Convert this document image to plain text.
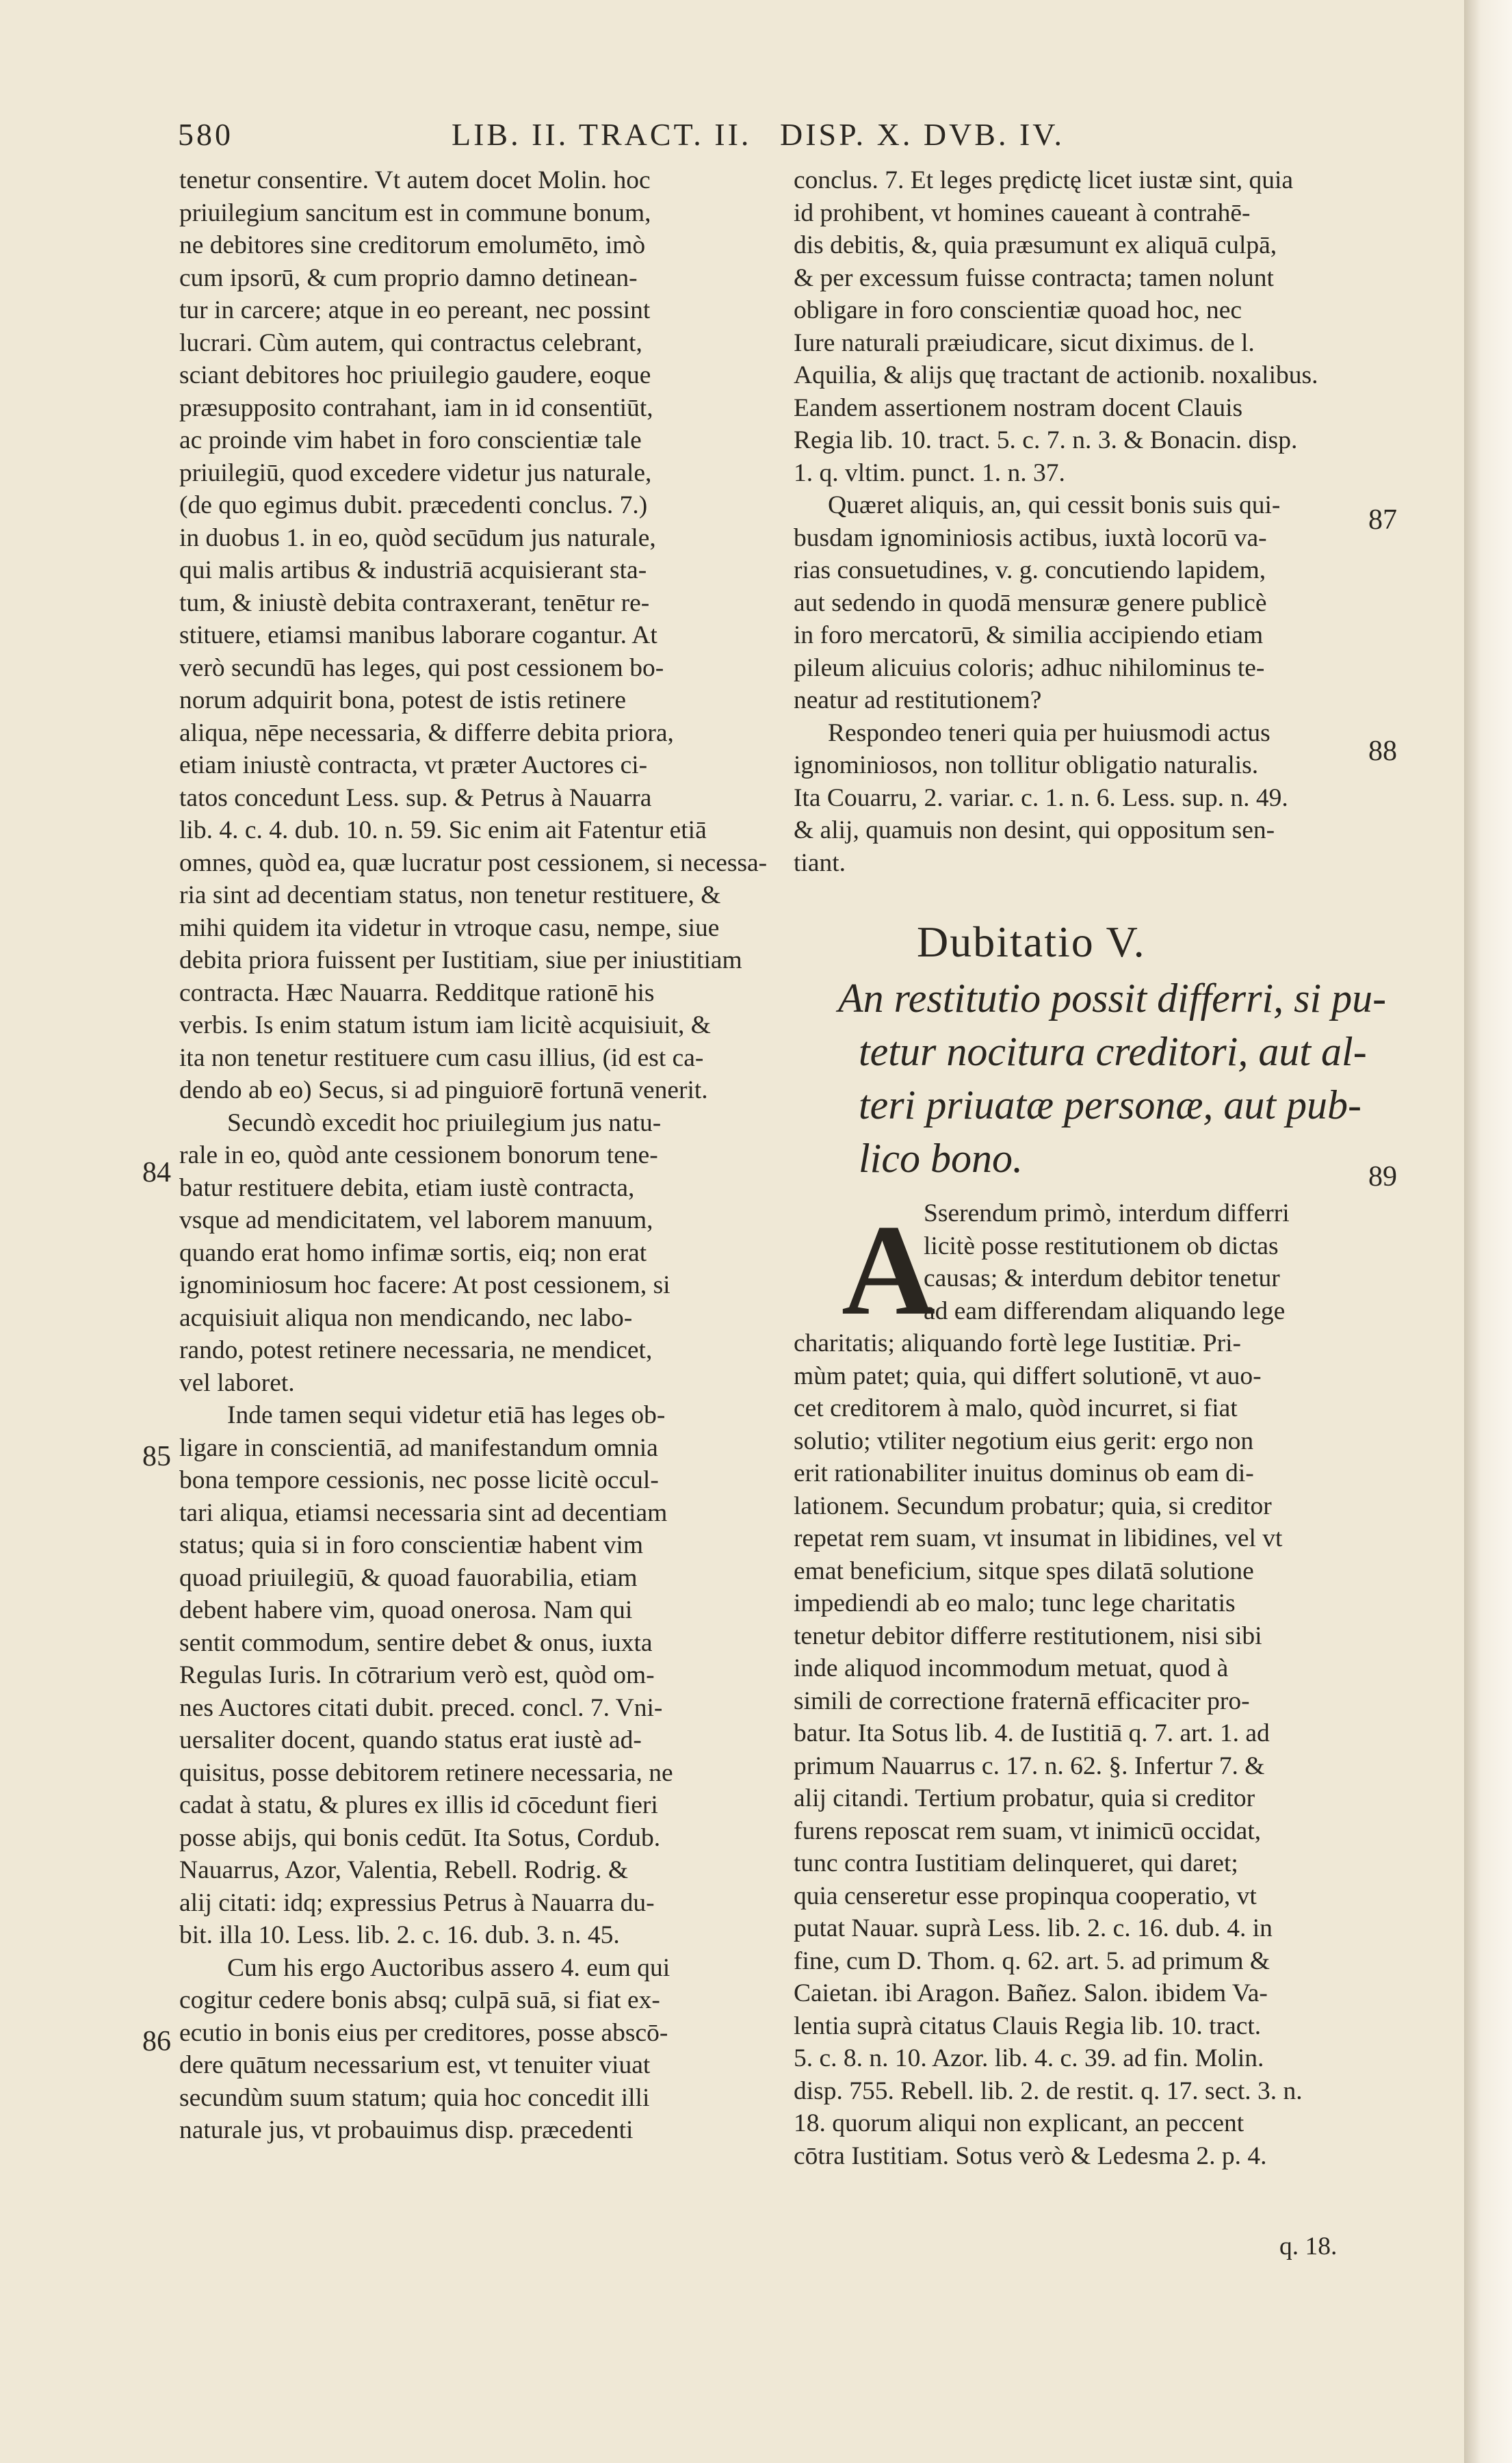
580	LIB. II. TRACT. II. DISP. X. DVB. IV.

tenetur consentire. Vt autem docet Molin. hoc

priuilegium sancitum est in commune bonum,

ne debitores sine creditorum emolumēto, imò

cum ipsorū, & cum proprio damno detinean-

tur in carcere; atque in eo pereant, nec possint

lucrari. Cùm autem, qui contractus celebrant,

sciant debitores hoc priuilegio gaudere, eoque

præsupposito contrahant, iam in id consentiūt,

ac proinde vim habet in foro conscientiæ tale

priuilegiū, quod excedere videtur jus naturale,

(de quo egimus dubit. præcedenti conclus. 7.)

in duobus 1. in eo, quòd secūdum jus naturale,

qui malis artibus & industriā acquisierant sta-

tum, & iniustè debita contraxerant, tenētur re-

stituere, etiamsi manibus laborare cogantur. At

verò secundū has leges, qui post cessionem bo-

norum adquirit bona, potest de istis retinere

aliqua, nēpe necessaria, & differre debita priora,

etiam iniustè contracta, vt præter Auctores ci-

tatos concedunt Less. sup. & Petrus à Nauarra

lib. 4. c. 4. dub. 10. n. 59. Sic enim ait Fatentur etiā

omnes, quòd ea, quæ lucratur post cessionem, si necessa-

ria sint ad decentiam status, non tenetur restituere, &

mihi quidem ita videtur in vtroque casu, nempe, siue

debita priora fuissent per Iustitiam, siue per iniustitiam

contracta. Hæc Nauarra. Redditque rationē his

verbis. Is enim statum istum iam licitè acquisiuit, &

ita non tenetur restituere cum casu illius, (id est ca-

dendo ab eo) Secus, si ad pinguiorē fortunā venerit.

Secundò excedit hoc priuilegium jus natu-

rale in eo, quòd ante cessionem bonorum tene-

batur restituere debita, etiam iustè contracta,

vsque ad mendicitatem, vel laborem manuum,

quando erat homo infimæ sortis, eiq; non erat

ignominiosum hoc facere: At post cessionem, si

acquisiuit aliqua non mendicando, nec labo-

rando, potest retinere necessaria, ne mendicet,

vel laboret.

Inde tamen sequi videtur etiā has leges ob-

ligare in conscientiā, ad manifestandum omnia

bona tempore cessionis, nec posse licitè occul-

tari aliqua, etiamsi necessaria sint ad decentiam

status; quia si in foro conscientiæ habent vim

quoad priuilegiū, & quoad fauorabilia, etiam

debent habere vim, quoad onerosa. Nam qui

sentit commodum, sentire debet & onus, iuxta

Regulas Iuris. In cōtrarium verò est, quòd om-

nes Auctores citati dubit. preced. concl. 7. Vni-

uersaliter docent, quando status erat iustè ad-

quisitus, posse debitorem retinere necessaria, ne

cadat à statu, & plures ex illis id cōcedunt fieri

posse abijs, qui bonis cedūt. Ita Sotus, Cordub.

Nauarrus, Azor, Valentia, Rebell. Rodrig. &

alij citati: idq; expressius Petrus à Nauarra du-

bit. illa 10. Less. lib. 2. c. 16. dub. 3. n. 45.

Cum his ergo Auctoribus assero 4. eum qui

cogitur cedere bonis absq; culpā suā, si fiat ex-

ecutio in bonis eius per creditores, posse abscō-

dere quātum necessarium est, vt tenuiter viuat

secundùm suum statum; quia hoc concedit illi

naturale jus, vt probauimus disp. præcedenti

conclus. 7. Et leges prędictę licet iustæ sint, quia

id prohibent, vt homines caueant à contrahē-

dis debitis, &, quia præsumunt ex aliquā culpā,

& per excessum fuisse contracta; tamen nolunt

obligare in foro conscientiæ quoad hoc, nec

Iure naturali præiudicare, sicut diximus. de l.

Aquilia, & alijs quę tractant de actionib. noxalibus.

Eandem assertionem nostram docent Clauis

Regia lib. 10. tract. 5. c. 7. n. 3. & Bonacin. disp.

1. q. vltim. punct. 1. n. 37.

Quæret aliquis, an, qui cessit bonis suis qui-

busdam ignominiosis actibus, iuxtà locorū va-

rias consuetudines, v. g. concutiendo lapidem,

aut sedendo in quodā mensuræ genere publicè

in foro mercatorū, & similia accipiendo etiam

pileum alicuius coloris; adhuc nihilominus te-

neatur ad restitutionem?

Respondeo teneri quia per huiusmodi actus

ignominiosos, non tollitur obligatio naturalis.

Ita Couarru, 2. variar. c. 1. n. 6. Less. sup. n. 49.

& alij, quamuis non desint, qui oppositum sen-

tiant.

84
85
86
87
88
89
Dubitatio V.

An restitutio possit differri, si pu-

tetur nocitura creditori, aut al-

teri priuatæ personæ, aut pub-

lico bono.

A

Sserendum primò, interdum differri

licitè posse restitutionem ob dictas

causas; & interdum debitor tenetur

ad eam differendam aliquando lege

charitatis; aliquando fortè lege Iustitiæ. Pri-

mùm patet; quia, qui differt solutionē, vt auo-

cet creditorem à malo, quòd incurret, si fiat

solutio; vtiliter negotium eius gerit: ergo non

erit rationabiliter inuitus dominus ob eam di-

lationem. Secundum probatur; quia, si creditor

repetat rem suam, vt insumat in libidines, vel vt

emat beneficium, sitque spes dilatā solutione

impediendi ab eo malo; tunc lege charitatis

tenetur debitor differre restitutionem, nisi sibi

inde aliquod incommodum metuat, quod à

simili de correctione fraternā efficaciter pro-

batur. Ita Sotus lib. 4. de Iustitiā q. 7. art. 1. ad

primum Nauarrus c. 17. n. 62. §. Infertur 7. &

alij citandi. Tertium probatur, quia si creditor

furens reposcat rem suam, vt inimicū occidat,

tunc contra Iustitiam delinqueret, qui daret;

quia censeretur esse propinqua cooperatio, vt

putat Nauar. suprà Less. lib. 2. c. 16. dub. 4. in

fine, cum D. Thom. q. 62. art. 5. ad primum &

Caietan. ibi Aragon. Bañez. Salon. ibidem Va-

lentia suprà citatus Clauis Regia lib. 10. tract.

5. c. 8. n. 10. Azor. lib. 4. c. 39. ad fin. Molin.

disp. 755. Rebell. lib. 2. de restit. q. 17. sect. 3. n.

18. quorum aliqui non explicant, an peccent

cōtra Iustitiam. Sotus verò & Ledesma 2. p. 4.

q. 18.
